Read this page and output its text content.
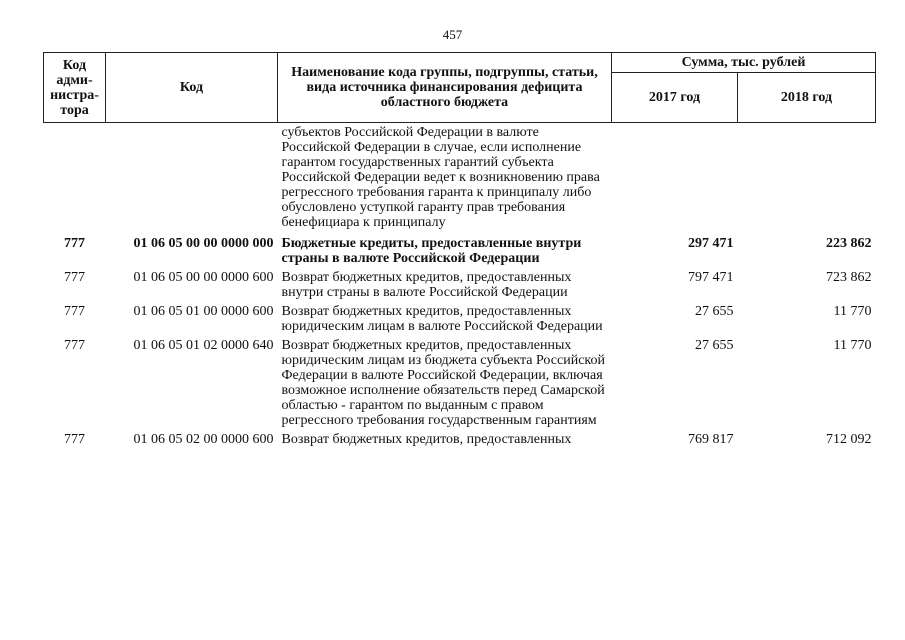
457
Код адми-нистра-тора	Код	Наименование кода группы, подгруппы, статьи, вида источника финансирования дефицита областного бюджета	Сумма, тыс. рублей	
			2017 год	2018 год
		субъектов Российской Федерации в валюте Российской Федерации в случае, если исполнение гарантом государственных гарантий субъекта Российской Федерации ведет к возникновению права регрессного требования гаранта к принципалу либо обусловлено уступкой гаранту прав требования бенефициара к принципалу		
777	01 06 05 00 00 0000 000	Бюджетные кредиты, предоставленные внутри страны в валюте Российской Федерации	297 471	223 862
777	01 06 05 00 00 0000 600	Возврат бюджетных кредитов, предоставленных внутри страны в валюте Российской Федерации	797 471	723 862
777	01 06 05 01 00 0000 600	Возврат бюджетных кредитов, предоставленных юридическим лицам в валюте Российской Федерации	27 655	11 770
777	01 06 05 01 02 0000 640	Возврат бюджетных кредитов, предоставленных юридическим лицам из бюджета субъекта Российской Федерации в валюте Российской Федерации, включая возможное исполнение обязательств перед Самарской областью - гарантом по выданным с правом регрессного требования государственным гарантиям	27 655	11 770
777	01 06 05 02 00 0000 600	Возврат бюджетных кредитов, предоставленных	769 817	712 092
